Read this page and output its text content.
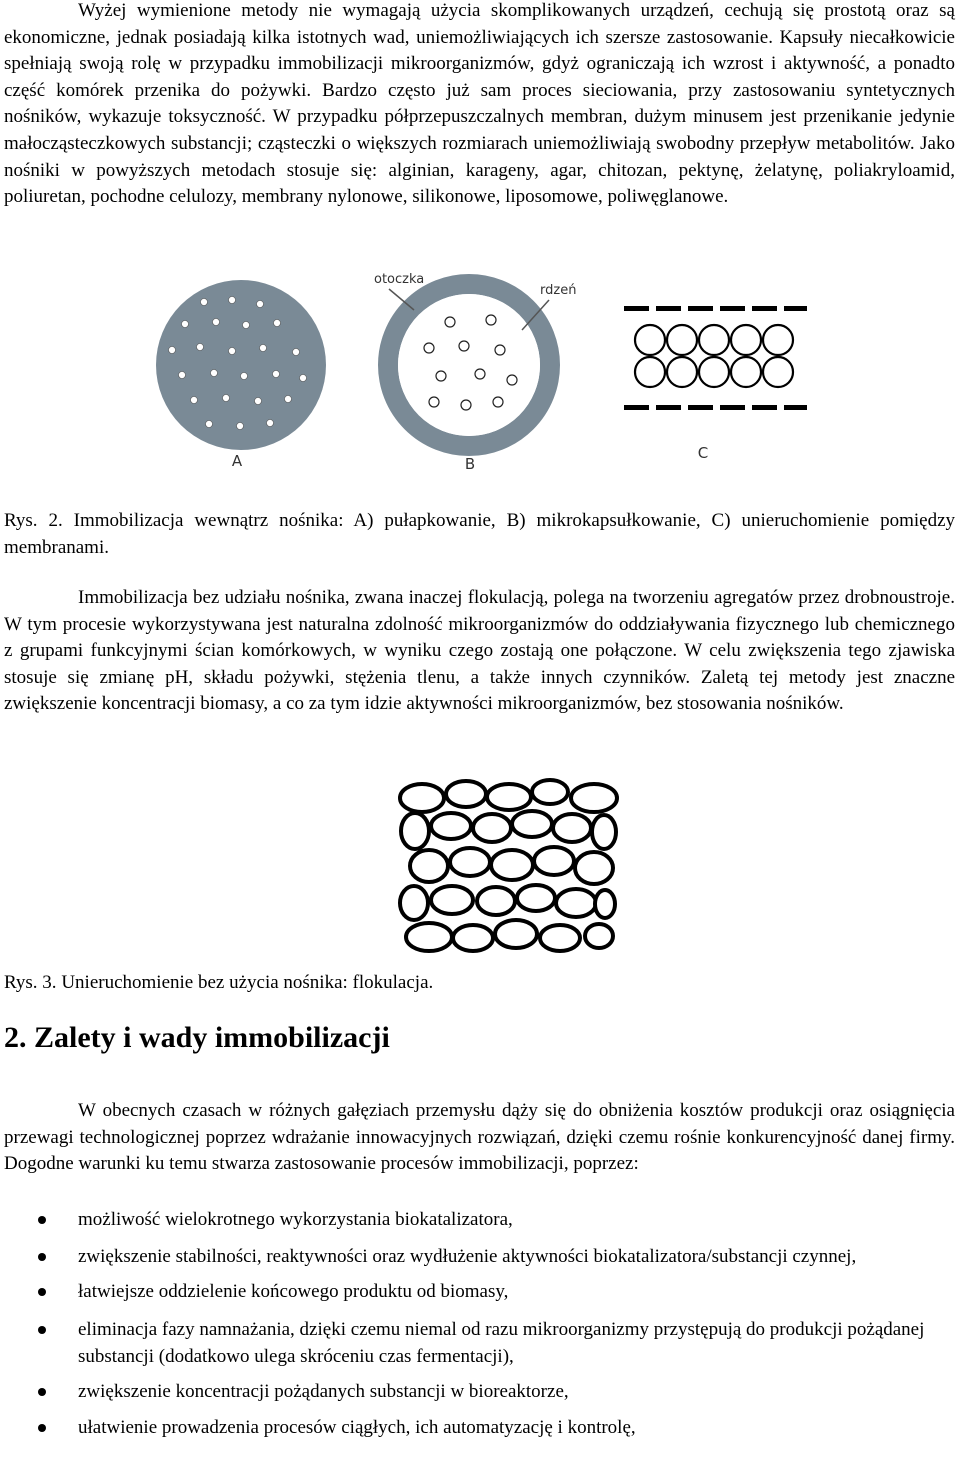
Wyżej wymienione metody nie wymagają użycia skomplikowanych urządzeń, cechują się prostotą oraz są ekonomiczne, jednak posiadają kilka istotnych wad, uniemożliwiających ich szersze zastosowanie. Kapsuły niecałkowicie spełniają swoją rolę w przypadku immobilizacji mikroorganizmów, gdyż ograniczają ich wzrost i aktywność, a ponadto część komórek przenika do pożywki. Bardzo często już sam proces sieciowania, przy zastosowaniu syntetycznych nośników, wykazuje toksyczność. W przypadku półprzepuszczalnych membran, dużym minusem jest przenikanie jedynie małocząsteczkowych substancji; cząsteczki o większych rozmiarach uniemożliwiają swobodny przepływ metabolitów. Jako nośniki w powyższych metodach stosuje się: alginian, karageny, agar, chitozan, pektynę, żelatynę, poliakryloamid, poliuretan, pochodne celulozy, membrany nylonowe, silikonowe, liposomowe, poliwęglanowe.

A
otoczka
rdzeń
B
C

Rys. 2. Immobilizacja wewnątrz nośnika: A) pułapkowanie, B) mikrokapsułkowanie, C) unieruchomienie pomiędzy membranami.

Immobilizacja bez udziału nośnika, zwana inaczej flokulacją, polega na tworzeniu agregatów przez drobnoustroje. W tym procesie wykorzystywana jest naturalna zdolność mikroorganizmów do oddziaływania fizycznego lub chemicznego z grupami funkcyjnymi ścian komórkowych, w wyniku czego zostają one połączone. W celu zwiększenia tego zjawiska stosuje się zmianę pH, składu pożywki, stężenia tlenu, a także innych czynników. Zaletą tej metody jest znaczne zwiększenie koncentracji biomasy, a co za tym idzie aktywności mikroorganizmów, bez stosowania nośników.

Rys. 3. Unieruchomienie bez użycia nośnika: flokulacja.

2. Zalety i wady immobilizacji

W obecnych czasach w różnych gałęziach przemysłu dąży się do obniżenia kosztów produkcji oraz osiągnięcia przewagi technologicznej poprzez wdrażanie innowacyjnych rozwiązań, dzięki czemu rośnie konkurencyjność danej firmy. Dogodne warunki ku temu stwarza zastosowanie procesów immobilizacji, poprzez:

możliwość wielokrotnego wykorzystania biokatalizatora,
zwiększenie stabilności, reaktywności oraz wydłużenie aktywności biokatalizatora/substancji czynnej,
łatwiejsze oddzielenie końcowego produktu od biomasy,
eliminacja fazy namnażania, dzięki czemu niemal od razu mikroorganizmy przystępują do produkcji pożądanej substancji (dodatkowo ulega skróceniu czas fermentacji),
zwiększenie koncentracji pożądanych substancji w bioreaktorze,
ułatwienie prowadzenia procesów ciągłych, ich automatyzację i kontrolę,
